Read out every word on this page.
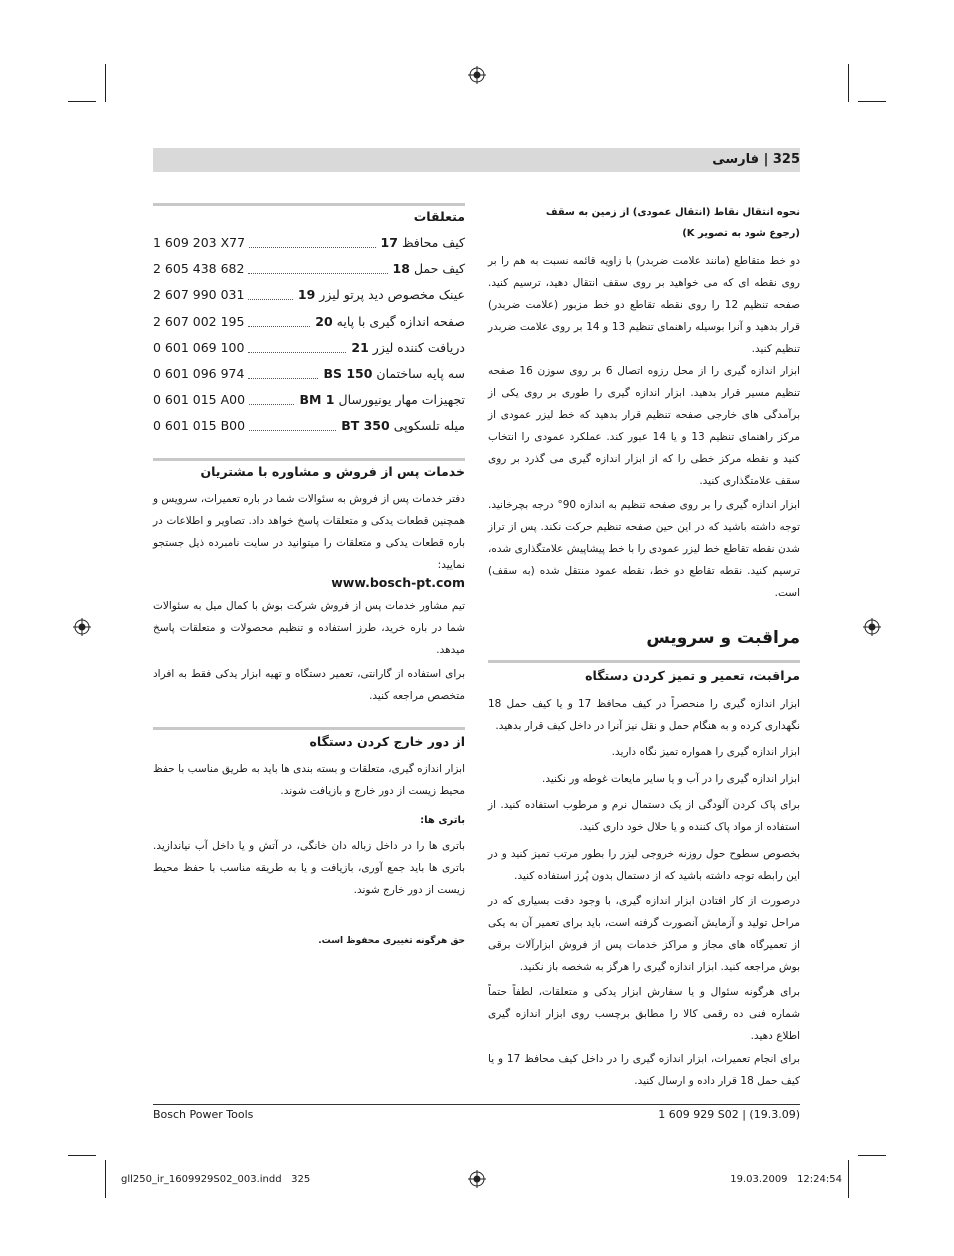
325 | فارسی
نحوه انتقال نقاط (انتقال عمودی) از زمین به سقف
(رجوع شود به تصویر K)
دو خط متقاطع (مانند علامت ضربدر) با زاویه قائمه نسبت به هم را بر روی نقطه ای که می خواهید بر روی سقف انتقال دهید، ترسیم کنید. صفحه تنظیم 12 را روی نقطه تقاطع دو خط مزبور (علامت ضربدر) قرار بدهید و آنرا بوسیله راهنمای تنظیم 13 و 14 بر روی علامت ضربدر تنظیم کنید.
ابزار اندازه گیری را از محل رزوه اتصال 6 بر روی سوزن 16 صفحه تنظیم مسیر قرار بدهید. ابزار اندازه گیری را طوری بر روی یکی از برآمدگی های خارجی صفحه تنظیم قرار بدهید که خط لیزر عمودی از مرکز راهنمای تنظیم 13 و یا 14 عبور کند. عملکرد عمودی را انتخاب کنید و نقطه مرکز خطی را که از ابزار اندازه گیری می گذرد بر روی سقف علامتگذاری کنید.
ابزار اندازه گیری را بر روی صفحه تنظیم به اندازه 90° درجه بچرخانید. توجه داشته باشید که در این حین صفحه تنظیم حرکت نکند. پس از تراز شدن نقطه تقاطع خط لیزر عمودی را با خط پیشاپیش علامتگذاری شده، ترسیم کنید. نقطه تقاطع دو خط، نقطه عمود منتقل شده (به سقف) است.
مراقبت و سرویس
مراقبت، تعمیر و تمیز کردن دستگاه
ابزار اندازه گیری را منحصراً در کیف محافظ 17 و یا کیف حمل 18 نگهداری کرده و به هنگام حمل و نقل نیز آنرا در داخل کیف قرار بدهید.
ابزار اندازه گیری را همواره تمیز نگاه دارید.
ابزار اندازه گیری را در آب و یا سایر مایعات غوطه ور نکنید.
برای پاک کردن آلودگی از یک دستمال نرم و مرطوب استفاده کنید. از استفاده از مواد پاک کننده و یا حلال خود داری کنید.
بخصوص سطوح حول روزنه خروجی لیزر را بطور مرتب تمیز کنید و در این رابطه توجه داشته باشید که از دستمال بدون پُرز استفاده کنید.
درصورت از کار افتادن ابزار اندازه گیری، با وجود دقت بسیاری که در مراحل تولید و آزمایش آنصورت گرفته است، باید برای تعمیر آن به یکی از تعمیرگاه های مجاز و مراکز خدمات پس از فروش ابزارآلات برقی بوش مراجعه کنید. ابزار اندازه گیری را هرگز به شخصه باز نکنید.
برای هرگونه سئوال و یا سفارش ابزار یدکی و متعلقات، لطفاً حتماً شماره فنی ده رقمی کالا را مطابق برچسب روی ابزار اندازه گیری اطلاع دهید.
برای انجام تعمیرات، ابزار اندازه گیری را در داخل کیف محافظ 17 و یا کیف حمل 18 قرار داده و ارسال کنید.
متعلقات
1 609 203 X77	کیف محافظ 17
2 605 438 682	کیف حمل 18
2 607 990 031	عینک مخصوص دید پرتو لیزر 19
2 607 002 195	صفحه اندازه گیری با پایه 20
0 601 069 100	دریافت کننده لیزر 21
0 601 096 974	سه پایه ساختمان BS 150
0 601 015 A00	تجهیزات مهار یونیورسال BM 1
0 601 015 B00	میله تلسکوپی BT 350
خدمات پس از فروش و مشاوره با مشتریان
دفتر خدمات پس از فروش به سئوالات شما در باره تعمیرات، سرویس و همچنین قطعات یدکی و متعلقات پاسخ خواهد داد. تصاویر و اطلاعات در باره قطعات یدکی و متعلقات را میتوانید در سایت نامبرده ذیل جستجو نمایید:
www.bosch-pt.com
تیم مشاور خدمات پس از فروش شرکت بوش با کمال میل به سئوالات شما در باره خرید، طرز استفاده و تنظیم محصولات و متعلقات پاسخ میدهد.
برای استفاده از گارانتی، تعمیر دستگاه و تهیه ابزار یدکی فقط به افراد متخصص مراجعه کنید.
از دور خارج کردن دستگاه
ابزار اندازه گیری، متعلقات و بسته بندی ها باید به طریق مناسب با حفظ محیط زیست از دور خارج و بازیافت شوند.
باتری ها:
باتری ها را در داخل زباله دان خانگی، در آتش و یا داخل آب نیاندازید. باتری ها باید جمع آوری، بازیافت و یا به طریقه مناسب با حفظ محیط زیست از دور خارج شوند.
حق هرگونه تغییری محفوظ است.
Bosch Power Tools	1 609 929 S02 | (19.3.09)
gll250_ir_1609929S02_003.indd   325	19.03.2009   12:24:54
